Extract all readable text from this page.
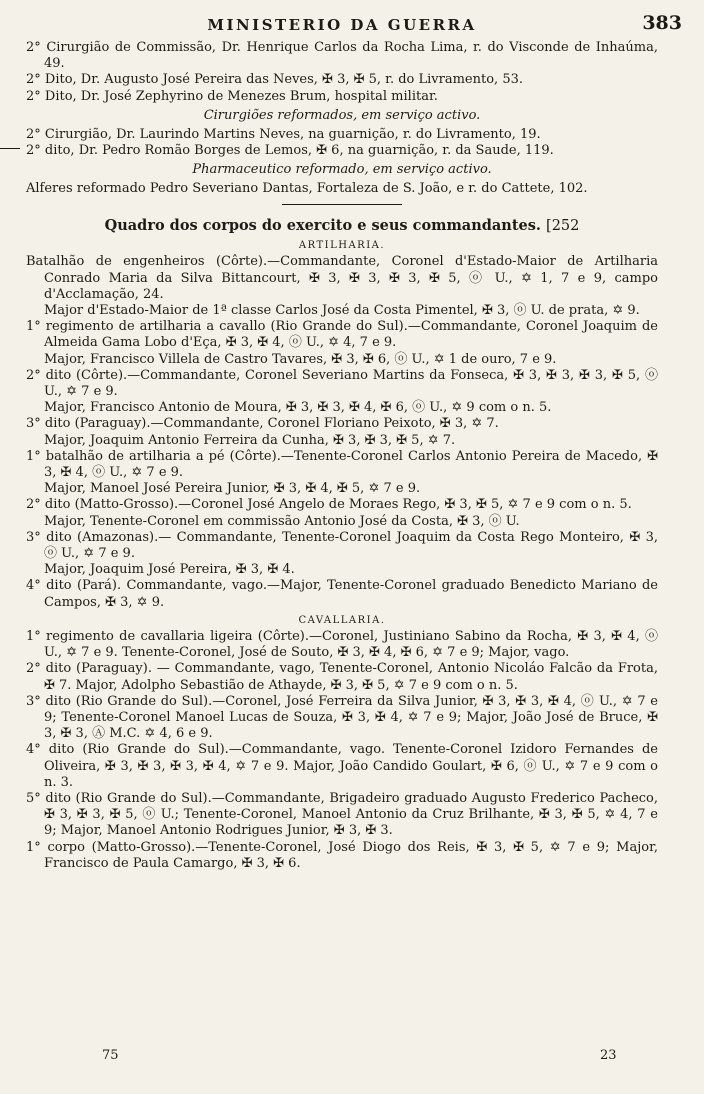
MINISTERIO DA GUERRA	383

2° Cirurgião de Commissão, Dr. Henrique Carlos da Rocha Lima, r. do Visconde de Inhaúma, 49.

2° Dito, Dr. Augusto José Pereira das Neves, ✠ 3, ✠ 5, r. do Livramento, 53.

2° Dito, Dr. José Zephyrino de Menezes Brum, hospital militar.

Cirurgiões reformados, em serviço activo.

2° Cirurgião, Dr. Laurindo Martins Neves, na guarnição, r. do Livramento, 19.

2° dito, Dr. Pedro Romão Borges de Lemos, ✠ 6, na guarnição, r. da Saude, 119.

Pharmaceutico reformado, em serviço activo.

Alferes reformado Pedro Severiano Dantas, Fortaleza de S. João, e r. do Cattete, 102.

Quadro dos corpos do exercito e seus commandantes. [252
ARTILHARIA.

Batalhão de engenheiros (Côrte).—Commandante, Coronel d'Estado-Maior de Artilharia Conrado Maria da Silva Bittancourt, ✠ 3, ✠ 3, ✠ 3, ✠ 5, ⓞ U., ✡ 1, 7 e 9, campo d'Acclamação, 24.

Major d'Estado-Maior de 1ª classe Carlos José da Costa Pimentel, ✠ 3, ⓞ U. de prata, ✡ 9.

1° regimento de artilharia a cavallo (Rio Grande do Sul).—Commandante, Coronel Joaquim de Almeida Gama Lobo d'Eça, ✠ 3, ✠ 4, ⓞ U., ✡ 4, 7 e 9.

Major, Francisco Villela de Castro Tavares, ✠ 3, ✠ 6, ⓞ U., ✡ 1 de ouro, 7 e 9.

2° dito (Côrte).—Commandante, Coronel Severiano Martins da Fonseca, ✠ 3, ✠ 3, ✠ 3, ✠ 5, ⓞ U., ✡ 7 e 9.

Major, Francisco Antonio de Moura, ✠ 3, ✠ 3, ✠ 4, ✠ 6, ⓞ U., ✡ 9 com o n. 5.

3° dito (Paraguay).—Commandante, Coronel Floriano Peixoto, ✠ 3, ✡ 7.

Major, Joaquim Antonio Ferreira da Cunha, ✠ 3, ✠ 3, ✠ 5, ✡ 7.

1° batalhão de artilharia a pé (Côrte).—Tenente-Coronel Carlos Antonio Pereira de Macedo, ✠ 3, ✠ 4, ⓞ U., ✡ 7 e 9.

Major, Manoel José Pereira Junior, ✠ 3, ✠ 4, ✠ 5, ✡ 7 e 9.

2° dito (Matto-Grosso).—Coronel José Angelo de Moraes Rego, ✠ 3, ✠ 5, ✡ 7 e 9 com o n. 5.

Major, Tenente-Coronel em commissão Antonio José da Costa, ✠ 3, ⓞ U.

3° dito (Amazonas).— Commandante, Tenente-Coronel Joaquim da Costa Rego Monteiro, ✠ 3, ⓞ U., ✡ 7 e 9.

Major, Joaquim José Pereira, ✠ 3, ✠ 4.

4° dito (Pará). Commandante, vago.—Major, Tenente-Coronel graduado Benedicto Mariano de Campos, ✠ 3, ✡ 9.

CAVALLARIA.

1° regimento de cavallaria ligeira (Côrte).—Coronel, Justiniano Sabino da Rocha, ✠ 3, ✠ 4, ⓞ U., ✡ 7 e 9. Tenente-Coronel, José de Souto, ✠ 3, ✠ 4, ✠ 6, ✡ 7 e 9; Major, vago.

2° dito (Paraguay). — Commandante, vago, Tenente-Coronel, Antonio Nicoláo Falcão da Frota, ✠ 7. Major, Adolpho Sebastião de Athayde, ✠ 3, ✠ 5, ✡ 7 e 9 com o n. 5.

3° dito (Rio Grande do Sul).—Coronel, José Ferreira da Silva Junior, ✠ 3, ✠ 3, ✠ 4, ⓞ U., ✡ 7 e 9; Tenente-Coronel Manoel Lucas de Souza, ✠ 3, ✠ 4, ✡ 7 e 9; Major, João José de Bruce, ✠ 3, ✠ 3, Ⓐ M.C. ✡ 4, 6 e 9.

4° dito (Rio Grande do Sul).—Commandante, vago. Tenente-Coronel Izidoro Fernandes de Oliveira, ✠ 3, ✠ 3, ✠ 3, ✠ 4, ✡ 7 e 9. Major, João Candido Goulart, ✠ 6, ⓞ U., ✡ 7 e 9 com o n. 3.

5° dito (Rio Grande do Sul).—Commandante, Brigadeiro graduado Augusto Frederico Pacheco, ✠ 3, ✠ 3, ✠ 5, ⓞ U.; Tenente-Coronel, Manoel Antonio da Cruz Brilhante, ✠ 3, ✠ 5, ✡ 4, 7 e 9; Major, Manoel Antonio Rodrigues Junior, ✠ 3, ✠ 3.

1° corpo (Matto-Grosso).—Tenente-Coronel, José Diogo dos Reis, ✠ 3, ✠ 5, ✡ 7 e 9; Major, Francisco de Paula Camargo, ✠ 3, ✠ 6.

75	23
